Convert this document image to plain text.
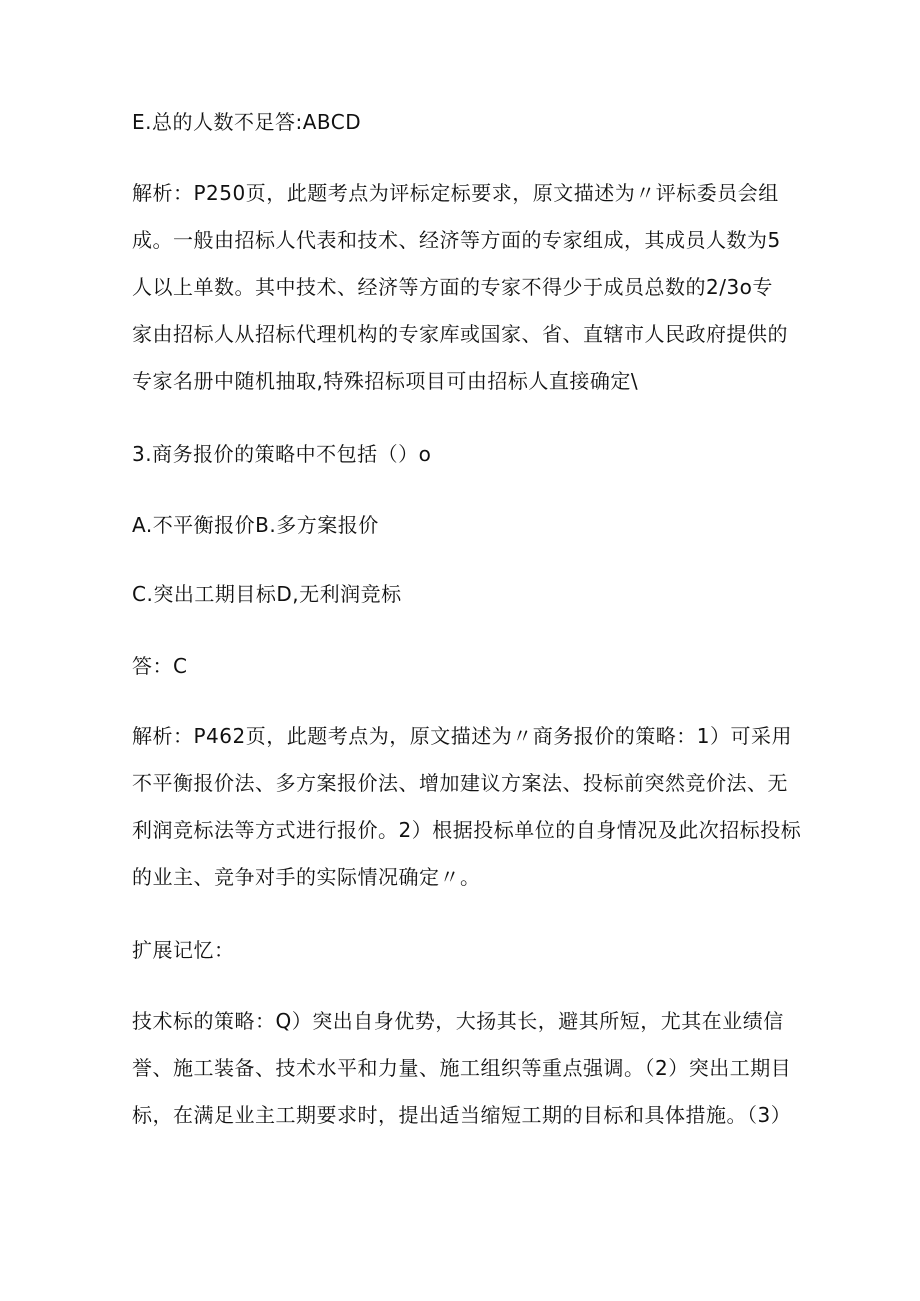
E.总的人数不足答:ABCD
解析：P250页，此题考点为评标定标要求，原文描述为〃评标委员会组
成。一般由招标人代表和技术、经济等方面的专家组成，其成员人数为5
人以上单数。其中技术、经济等方面的专家不得少于成员总数的2/3o专
家由招标人从招标代理机构的专家库或国家、省、直辖市人民政府提供的
专家名册中随机抽取,特殊招标项目可由招标人直接确定\
3.商务报价的策略中不包括（）o
A.不平衡报价B.多方案报价
C.突出工期目标D,无利润竞标
答：C
解析：P462页，此题考点为，原文描述为〃商务报价的策略：1）可采用
不平衡报价法、多方案报价法、增加建议方案法、投标前突然竞价法、无
利润竞标法等方式进行报价。2）根据投标单位的自身情况及此次招标投标
的业主、竞争对手的实际情况确定〃。
扩展记忆：
技术标的策略：Q）突出自身优势，大扬其长，避其所短，尤其在业绩信
誉、施工装备、技术水平和力量、施工组织等重点强调。（2）突出工期目
标，在满足业主工期要求时，提出适当缩短工期的目标和具体措施。（3）
